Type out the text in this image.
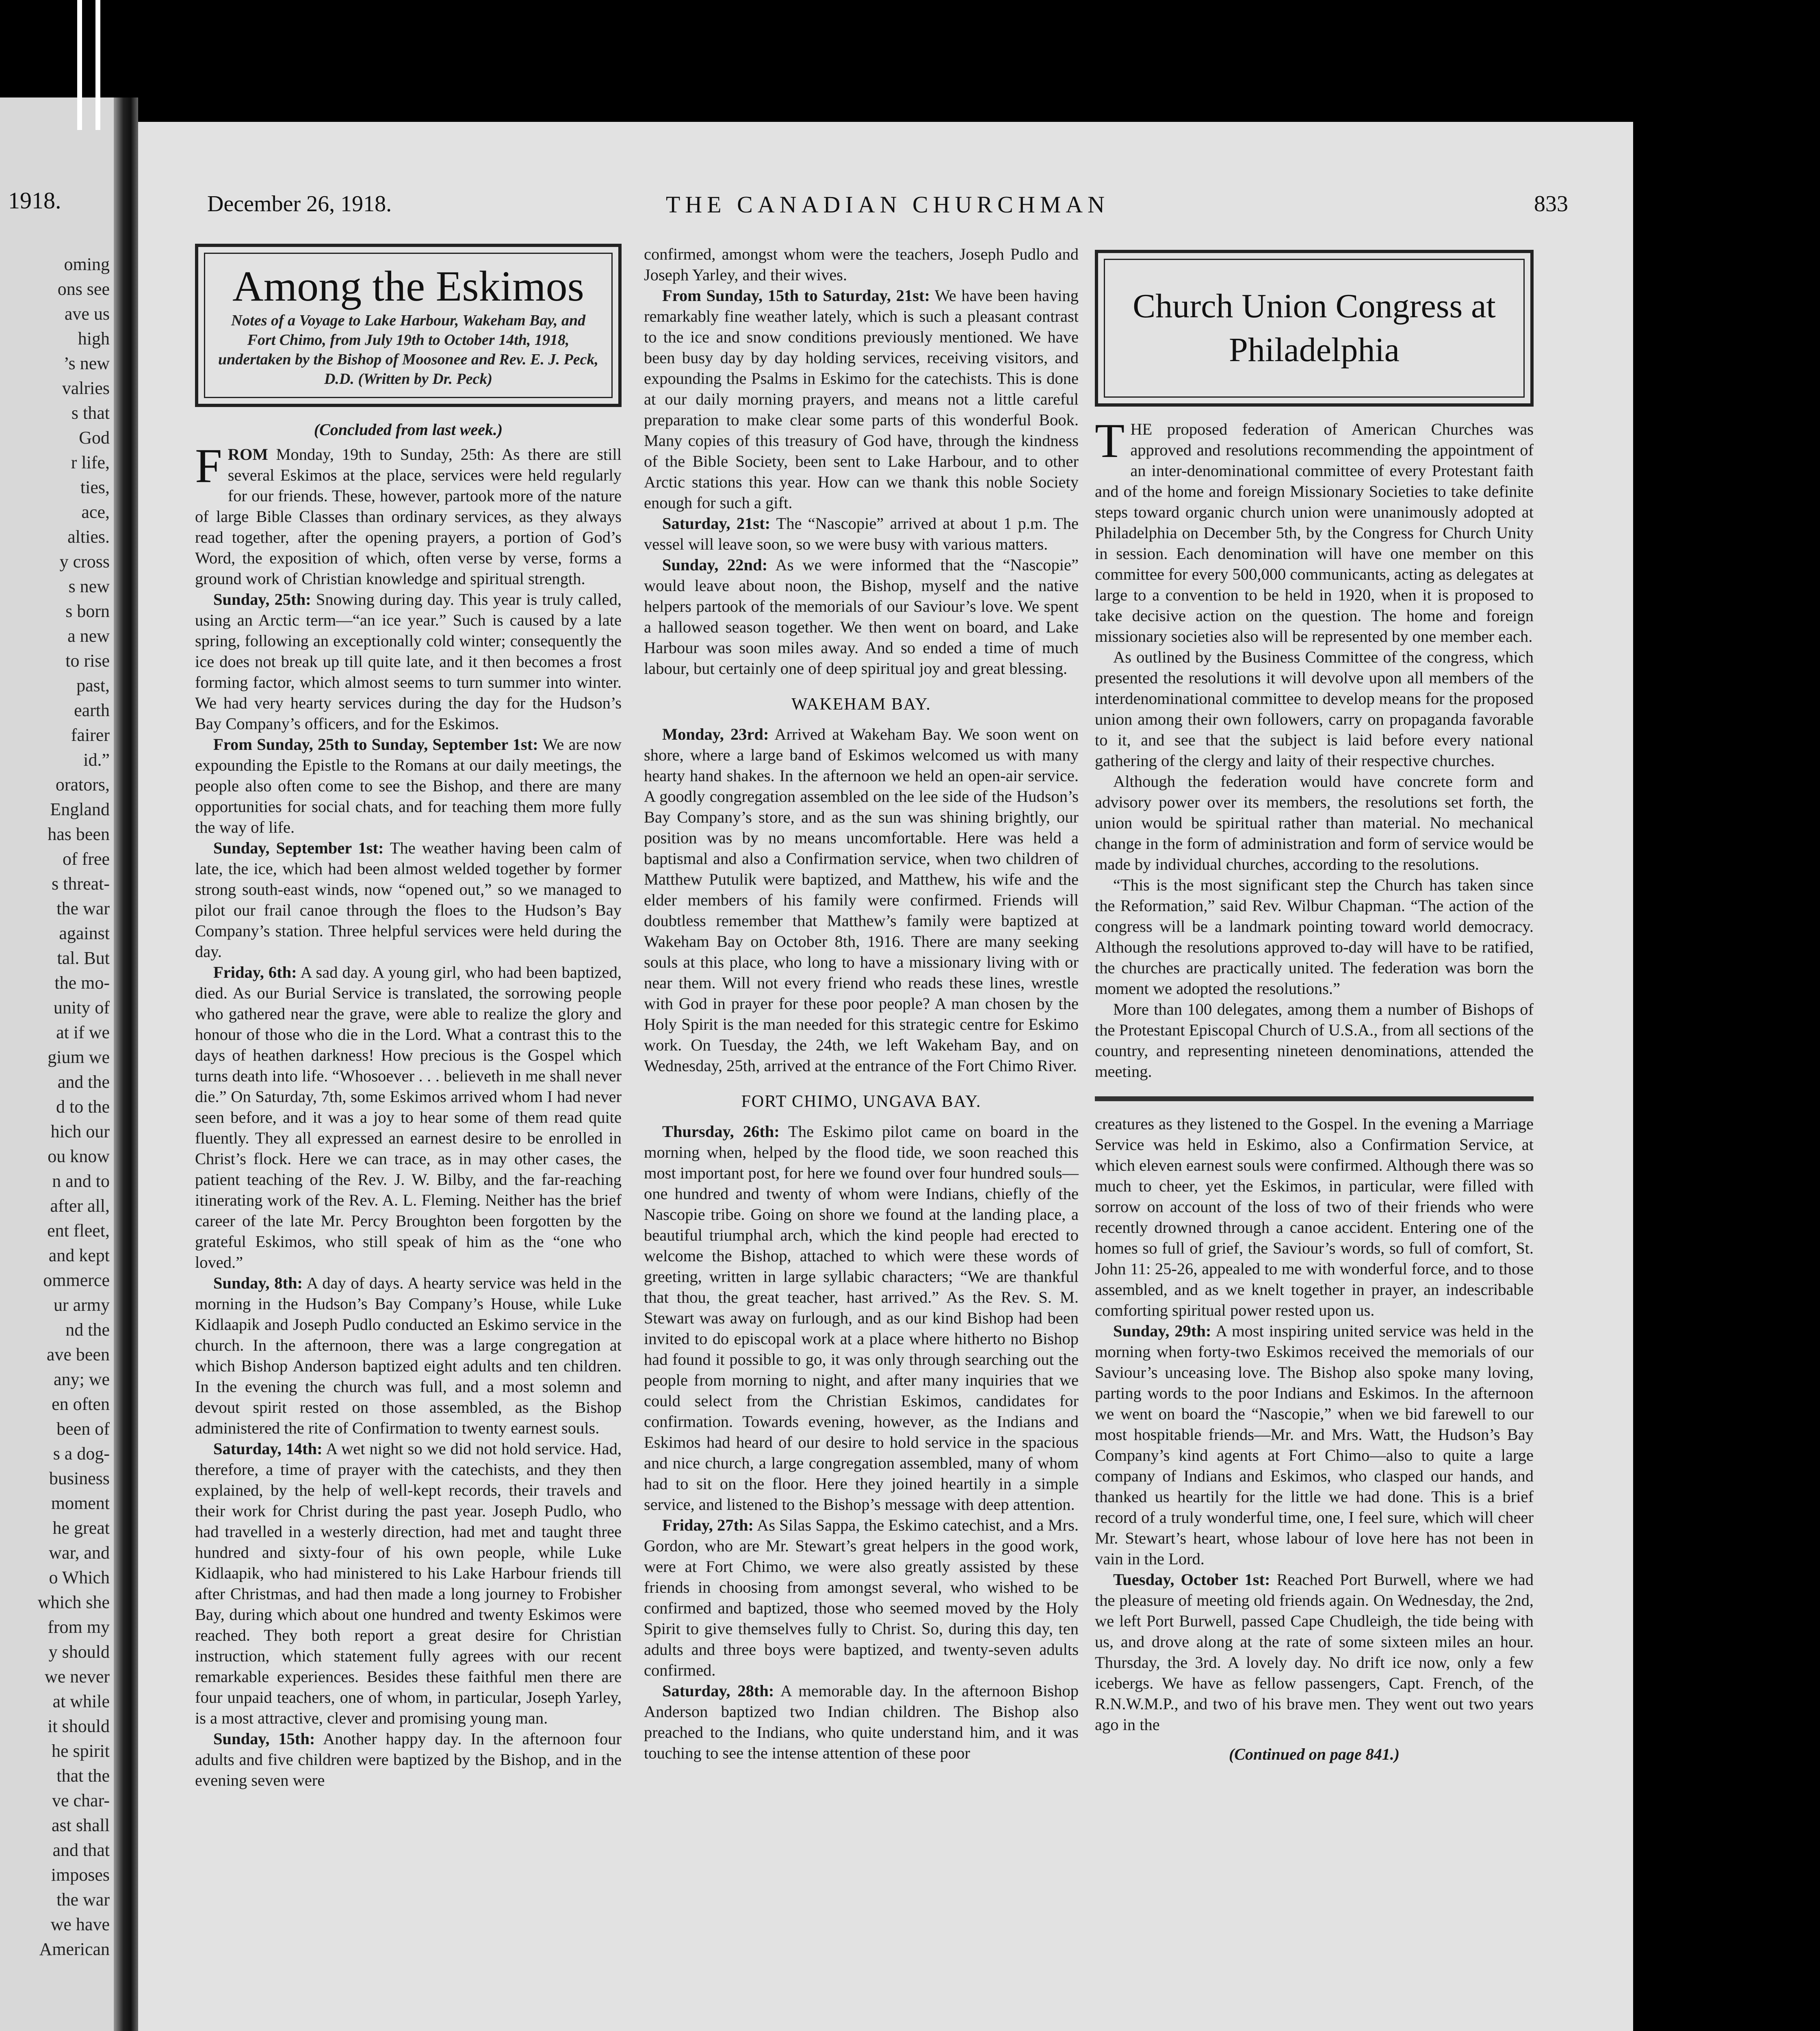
1918.
oming
ons see
ave us
high
’s new
valries
s that
God
r life,
ties,
ace,
alties.
y cross
s new
s born
a new
to rise
past,
earth
fairer
id.”
orators,
England
has been
of free
s threat-
the war
against
tal. But
the mo-
unity of
at if we
gium we
and the
d to the
hich our
ou know
n and to
after all,
ent fleet,
and kept
ommerce
ur army
nd the
ave been
any; we
en often
been of
s a dog-
business
moment
he great
war, and
o Which
which she
from my
y should
we never
at while
it should
he spirit
that the
ve char-
ast shall
and that
imposes
the war
we have
American
December 26, 1918.	THE CANADIAN CHURCHMAN	833
Among the Eskimos
Notes of a Voyage to Lake Harbour, Wakeham Bay, and Fort Chimo, from July 19th to October 14th, 1918, undertaken by the Bishop of Moosonee and Rev. E. J. Peck, D.D. (Written by Dr. Peck)
(Concluded from last week.)

FROM Monday, 19th to Sunday, 25th: As there are still several Eskimos at the place, services were held regularly for our friends. These, however, partook more of the nature of large Bible Classes than ordinary services, as they always read together, after the opening prayers, a portion of God’s Word, the exposition of which, often verse by verse, forms a ground work of Christian knowledge and spiritual strength.

Sunday, 25th: Snowing during day. This year is truly called, using an Arctic term—“an ice year.” Such is caused by a late spring, following an exceptionally cold winter; consequently the ice does not break up till quite late, and it then becomes a frost forming factor, which almost seems to turn summer into winter. We had very hearty services during the day for the Hudson’s Bay Company’s officers, and for the Eskimos.

From Sunday, 25th to Sunday, September 1st: We are now expounding the Epistle to the Romans at our daily meetings, the people also often come to see the Bishop, and there are many opportunities for social chats, and for teaching them more fully the way of life.

Sunday, September 1st: The weather having been calm of late, the ice, which had been almost welded together by former strong south-east winds, now “opened out,” so we managed to pilot our frail canoe through the floes to the Hudson’s Bay Company’s station. Three helpful services were held during the day.

Friday, 6th: A sad day. A young girl, who had been baptized, died. As our Burial Service is translated, the sorrowing people who gathered near the grave, were able to realize the glory and honour of those who die in the Lord. What a contrast this to the days of heathen darkness! How precious is the Gospel which turns death into life. “Whosoever . . . believeth in me shall never die.” On Saturday, 7th, some Eskimos arrived whom I had never seen before, and it was a joy to hear some of them read quite fluently. They all expressed an earnest desire to be enrolled in Christ’s flock. Here we can trace, as in may other cases, the patient teaching of the Rev. J. W. Bilby, and the far-reaching itinerating work of the Rev. A. L. Fleming. Neither has the brief career of the late Mr. Percy Broughton been forgotten by the grateful Eskimos, who still speak of him as the “one who loved.”

Sunday, 8th: A day of days. A hearty service was held in the morning in the Hudson’s Bay Company’s House, while Luke Kidlaapik and Joseph Pudlo conducted an Eskimo service in the church. In the afternoon, there was a large congregation at which Bishop Anderson baptized eight adults and ten children. In the evening the church was full, and a most solemn and devout spirit rested on those assembled, as the Bishop administered the rite of Confirmation to twenty earnest souls.

Saturday, 14th: A wet night so we did not hold service. Had, therefore, a time of prayer with the catechists, and they then explained, by the help of well-kept records, their travels and their work for Christ during the past year. Joseph Pudlo, who had travelled in a westerly direction, had met and taught three hundred and sixty-four of his own people, while Luke Kidlaapik, who had ministered to his Lake Harbour friends till after Christmas, and had then made a long journey to Frobisher Bay, during which about one hundred and twenty Eskimos were reached. They both report a great desire for Christian instruction, which statement fully agrees with our recent remarkable experiences. Besides these faithful men there are four unpaid teachers, one of whom, in particular, Joseph Yarley, is a most attractive, clever and promising young man.

Sunday, 15th: Another happy day. In the afternoon four adults and five children were baptized by the Bishop, and in the evening seven were

confirmed, amongst whom were the teachers, Joseph Pudlo and Joseph Yarley, and their wives.

From Sunday, 15th to Saturday, 21st: We have been having remarkably fine weather lately, which is such a pleasant contrast to the ice and snow conditions previously mentioned. We have been busy day by day holding services, receiving visitors, and expounding the Psalms in Eskimo for the catechists. This is done at our daily morning prayers, and means not a little careful preparation to make clear some parts of this wonderful Book. Many copies of this treasury of God have, through the kindness of the Bible Society, been sent to Lake Harbour, and to other Arctic stations this year. How can we thank this noble Society enough for such a gift.

Saturday, 21st: The “Nascopie” arrived at about 1 p.m. The vessel will leave soon, so we were busy with various matters.

Sunday, 22nd: As we were informed that the “Nascopie” would leave about noon, the Bishop, myself and the native helpers partook of the memorials of our Saviour’s love. We spent a hallowed season together. We then went on board, and Lake Harbour was soon miles away. And so ended a time of much labour, but certainly one of deep spiritual joy and great blessing.

WAKEHAM BAY.

Monday, 23rd: Arrived at Wakeham Bay. We soon went on shore, where a large band of Eskimos welcomed us with many hearty hand shakes. In the afternoon we held an open-air service. A goodly congregation assembled on the lee side of the Hudson’s Bay Company’s store, and as the sun was shining brightly, our position was by no means uncomfortable. Here was held a baptismal and also a Confirmation service, when two children of Matthew Putulik were baptized, and Matthew, his wife and the elder members of his family were confirmed. Friends will doubtless remember that Matthew’s family were baptized at Wakeham Bay on October 8th, 1916. There are many seeking souls at this place, who long to have a missionary living with or near them. Will not every friend who reads these lines, wrestle with God in prayer for these poor people? A man chosen by the Holy Spirit is the man needed for this strategic centre for Eskimo work. On Tuesday, the 24th, we left Wakeham Bay, and on Wednesday, 25th, arrived at the entrance of the Fort Chimo River.

FORT CHIMO, UNGAVA BAY.

Thursday, 26th: The Eskimo pilot came on board in the morning when, helped by the flood tide, we soon reached this most important post, for here we found over four hundred souls—one hundred and twenty of whom were Indians, chiefly of the Nascopie tribe. Going on shore we found at the landing place, a beautiful triumphal arch, which the kind people had erected to welcome the Bishop, attached to which were these words of greeting, written in large syllabic characters; “We are thankful that thou, the great teacher, hast arrived.” As the Rev. S. M. Stewart was away on furlough, and as our kind Bishop had been invited to do episcopal work at a place where hitherto no Bishop had found it possible to go, it was only through searching out the people from morning to night, and after many inquiries that we could select from the Christian Eskimos, candidates for confirmation. Towards evening, however, as the Indians and Eskimos had heard of our desire to hold service in the spacious and nice church, a large congregation assembled, many of whom had to sit on the floor. Here they joined heartily in a simple service, and listened to the Bishop’s message with deep attention.

Friday, 27th: As Silas Sappa, the Eskimo catechist, and a Mrs. Gordon, who are Mr. Stewart’s great helpers in the good work, were at Fort Chimo, we were also greatly assisted by these friends in choosing from amongst several, who wished to be confirmed and baptized, those who seemed moved by the Holy Spirit to give themselves fully to Christ. So, during this day, ten adults and three boys were baptized, and twenty-seven adults confirmed.

Saturday, 28th: A memorable day. In the afternoon Bishop Anderson baptized two Indian children. The Bishop also preached to the Indians, who quite understand him, and it was touching to see the intense attention of these poor

Church Union Congress at Philadelphia

THE proposed federation of American Churches was approved and resolutions recommending the appointment of an inter-denominational committee of every Protestant faith and of the home and foreign Missionary Societies to take definite steps toward organic church union were unanimously adopted at Philadelphia on December 5th, by the Congress for Church Unity in session. Each denomination will have one member on this committee for every 500,000 communicants, acting as delegates at large to a convention to be held in 1920, when it is proposed to take decisive action on the question. The home and foreign missionary societies also will be represented by one member each.

As outlined by the Business Committee of the congress, which presented the resolutions it will devolve upon all members of the interdenominational committee to develop means for the proposed union among their own followers, carry on propaganda favorable to it, and see that the subject is laid before every national gathering of the clergy and laity of their respective churches.

Although the federation would have concrete form and advisory power over its members, the resolutions set forth, the union would be spiritual rather than material. No mechanical change in the form of administration and form of service would be made by individual churches, according to the resolutions.

“This is the most significant step the Church has taken since the Reformation,” said Rev. Wilbur Chapman. “The action of the congress will be a landmark pointing toward world democracy. Although the resolutions approved to-day will have to be ratified, the churches are practically united. The federation was born the moment we adopted the resolutions.”

More than 100 delegates, among them a number of Bishops of the Protestant Episcopal Church of U.S.A., from all sections of the country, and representing nineteen denominations, attended the meeting.

creatures as they listened to the Gospel. In the evening a Marriage Service was held in Eskimo, also a Confirmation Service, at which eleven earnest souls were confirmed. Although there was so much to cheer, yet the Eskimos, in particular, were filled with sorrow on account of the loss of two of their friends who were recently drowned through a canoe accident. Entering one of the homes so full of grief, the Saviour’s words, so full of comfort, St. John 11: 25-26, appealed to me with wonderful force, and to those assembled, and as we knelt together in prayer, an indescribable comforting spiritual power rested upon us.

Sunday, 29th: A most inspiring united service was held in the morning when forty-two Eskimos received the memorials of our Saviour’s unceasing love. The Bishop also spoke many loving, parting words to the poor Indians and Eskimos. In the afternoon we went on board the “Nascopie,” when we bid farewell to our most hospitable friends—Mr. and Mrs. Watt, the Hudson’s Bay Company’s kind agents at Fort Chimo—also to quite a large company of Indians and Eskimos, who clasped our hands, and thanked us heartily for the little we had done. This is a brief record of a truly wonderful time, one, I feel sure, which will cheer Mr. Stewart’s heart, whose labour of love here has not been in vain in the Lord.

Tuesday, October 1st: Reached Port Burwell, where we had the pleasure of meeting old friends again. On Wednesday, the 2nd, we left Port Burwell, passed Cape Chudleigh, the tide being with us, and drove along at the rate of some sixteen miles an hour. Thursday, the 3rd. A lovely day. No drift ice now, only a few icebergs. We have as fellow passengers, Capt. French, of the R.N.W.M.P., and two of his brave men. They went out two years ago in the

(Continued on page 841.)
